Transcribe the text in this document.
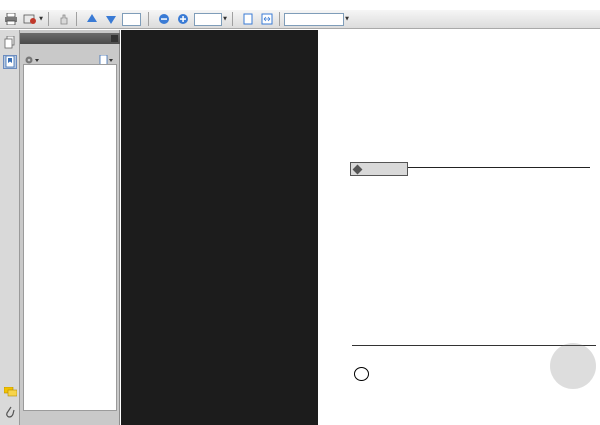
▼	▼	▼
